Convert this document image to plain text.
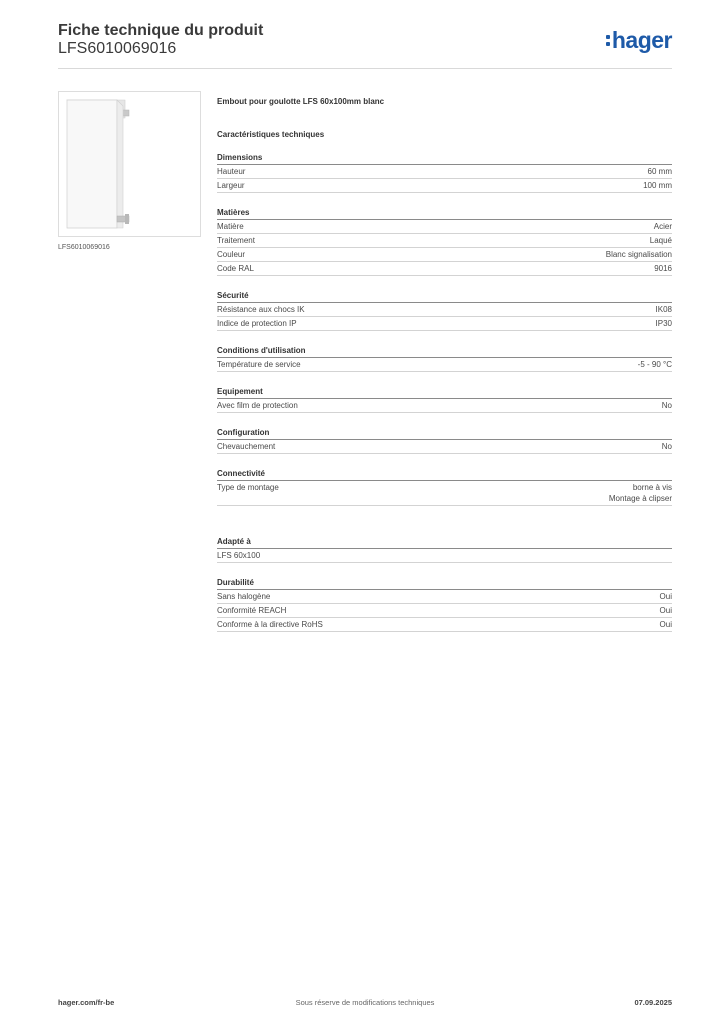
Fiche technique du produit
LFS6010069016	hager
LFS6010069016
Embout pour goulotte LFS 60x100mm blanc
Caractéristiques techniques
Dimensions
Hauteur	60 mm
Largeur	100 mm
Matières
Matière	Acier
Traitement	Laqué
Couleur	Blanc signalisation
Code RAL	9016
Sécurité
Résistance aux chocs IK	IK08
Indice de protection IP	IP30
Conditions d'utilisation
Température de service	-5 - 90 °C
Equipement
Avec film de protection	No
Configuration
Chevauchement	No
Connectivité
Type de montage	borne à vis
Montage à clipser
Adapté à
LFS 60x100
Durabilité
Sans halogène	Oui
Conformité REACH	Oui
Conforme à la directive RoHS	Oui
hager.com/fr-be	Sous réserve de modifications techniques	07.09.2025
